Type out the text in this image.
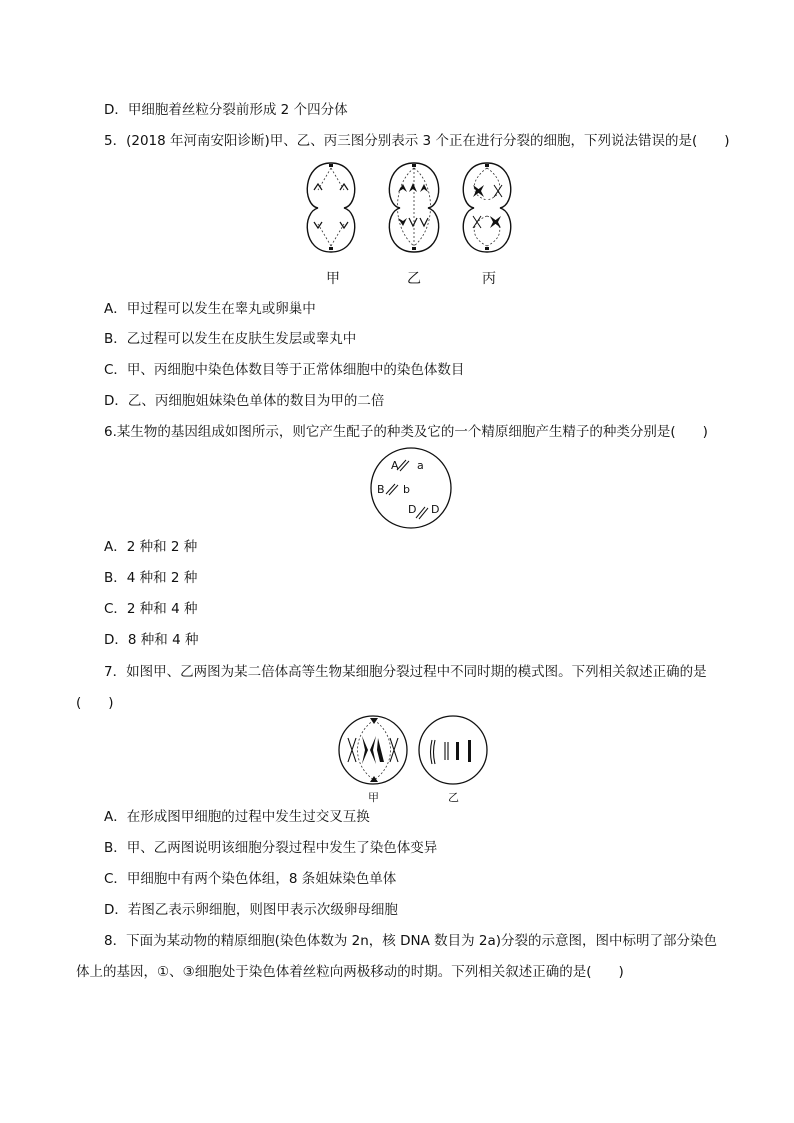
D．甲细胞着丝粒分裂前形成 2 个四分体
5．(2018 年河南安阳诊断)甲、乙、丙三图分别表示 3 个正在进行分裂的细胞，下列说法错误的是(　　)
甲	乙	丙
A．甲过程可以发生在睾丸或卵巢中
B．乙过程可以发生在皮肤生发层或睾丸中
C．甲、丙细胞中染色体数目等于正常体细胞中的染色体数目
D．乙、丙细胞姐妹染色单体的数目为甲的二倍
6.某生物的基因组成如图所示，则它产生配子的种类及它的一个精原细胞产生精子的种类分别是(　　)
A a
B b
D D
A．2 种和 2 种
B．4 种和 2 种
C．2 种和 4 种
D．8 种和 4 种
7．如图甲、乙两图为某二倍体高等生物某细胞分裂过程中不同时期的模式图。下列相关叙述正确的是
(　　)
甲	乙
A．在形成图甲细胞的过程中发生过交叉互换
B．甲、乙两图说明该细胞分裂过程中发生了染色体变异
C．甲细胞中有两个染色体组，8 条姐妹染色单体
D．若图乙表示卵细胞，则图甲表示次级卵母细胞
8．下面为某动物的精原细胞(染色体数为 2n，核 DNA 数目为 2a)分裂的示意图，图中标明了部分染色
体上的基因，①、③细胞处于染色体着丝粒向两极移动的时期。下列相关叙述正确的是(　　)
